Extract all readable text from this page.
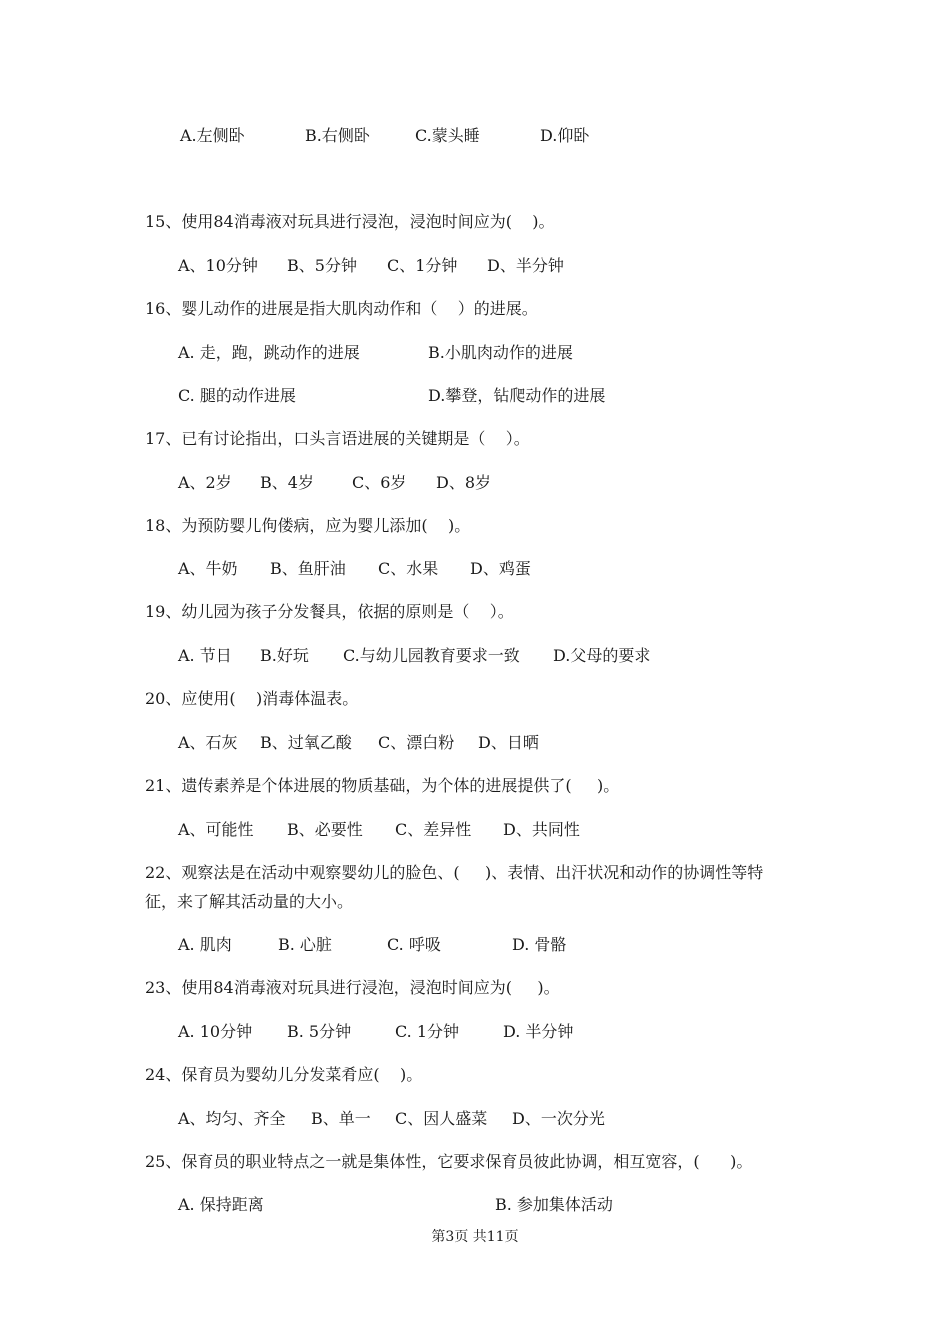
A.左侧卧	B.右侧卧	C.蒙头睡	D.仰卧
15、使用84消毒液对玩具进行浸泡，浸泡时间应为(    )。
A、10分钟 B、5分钟 C、1分钟 D、半分钟
16、婴儿动作的进展是指大肌肉动作和（    ）的进展。
A. 走，跑，跳动作的进展	B.小肌肉动作的进展
C. 腿的动作进展	D.攀登，钻爬动作的进展
17、已有讨论指出，口头言语进展的关键期是（    ）。
A、2岁 B、4岁 C、6岁 D、8岁
18、为预防婴儿佝偻病，应为婴儿添加(    )。
A、牛奶 B、鱼肝油 C、水果 D、鸡蛋
19、幼儿园为孩子分发餐具，依据的原则是（    ）。
A. 节日 B.好玩 C.与幼儿园教育要求一致 D.父母的要求
20、应使用(    )消毒体温表。
A、石灰 B、过氧乙酸 C、漂白粉 D、日晒
21、遗传素养是个体进展的物质基础，为个体的进展提供了(     )。
A、可能性 B、必要性 C、差异性 D、共同性
22、观察法是在活动中观察婴幼儿的脸色、(     )、表情、出汗状况和动作的协调性等特
征，来了解其活动量的大小。
A. 肌肉	B. 心脏	C. 呼吸	D. 骨骼
23、使用84消毒液对玩具进行浸泡，浸泡时间应为(     )。
A. 10分钟 B. 5分钟	C. 1分钟	D. 半分钟
24、保育员为婴幼儿分发菜肴应(    )。
A、均匀、齐全 B、单一 C、因人盛菜 D、一次分光
25、保育员的职业特点之一就是集体性，它要求保育员彼此协调，相互宽容，(      )。
A. 保持距离	B. 参加集体活动
第3页 共11页
